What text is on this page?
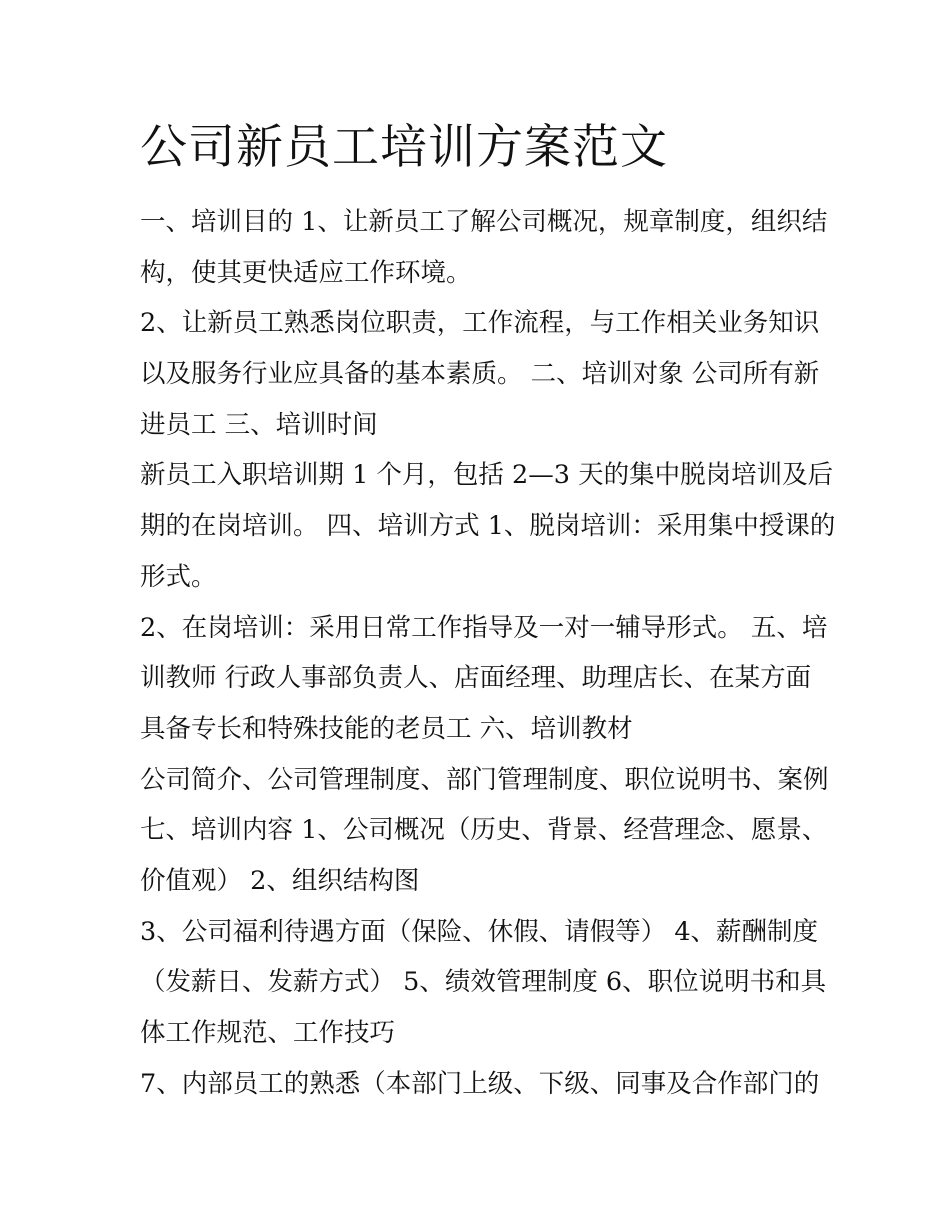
公司新员工培训方案范文
一、培训目的 1、让新员工了解公司概况，规章制度，组织结
构，使其更快适应工作环境。
2、让新员工熟悉岗位职责，工作流程，与工作相关业务知识
以及服务行业应具备的基本素质。 二、培训对象 公司所有新
进员工 三、培训时间
新员工入职培训期 1 个月，包括 2—3 天的集中脱岗培训及后
期的在岗培训。 四、培训方式 1、脱岗培训：采用集中授课的
形式。
2、在岗培训：采用日常工作指导及一对一辅导形式。 五、培
训教师 行政人事部负责人、店面经理、助理店长、在某方面
具备专长和特殊技能的老员工 六、培训教材
公司简介、公司管理制度、部门管理制度、职位说明书、案例
七、培训内容 1、公司概况（历史、背景、经营理念、愿景、
价值观） 2、组织结构图
3、公司福利待遇方面（保险、休假、请假等） 4、薪酬制度
（发薪日、发薪方式） 5、绩效管理制度 6、职位说明书和具
体工作规范、工作技巧
7、内部员工的熟悉（本部门上级、下级、同事及合作部门的
